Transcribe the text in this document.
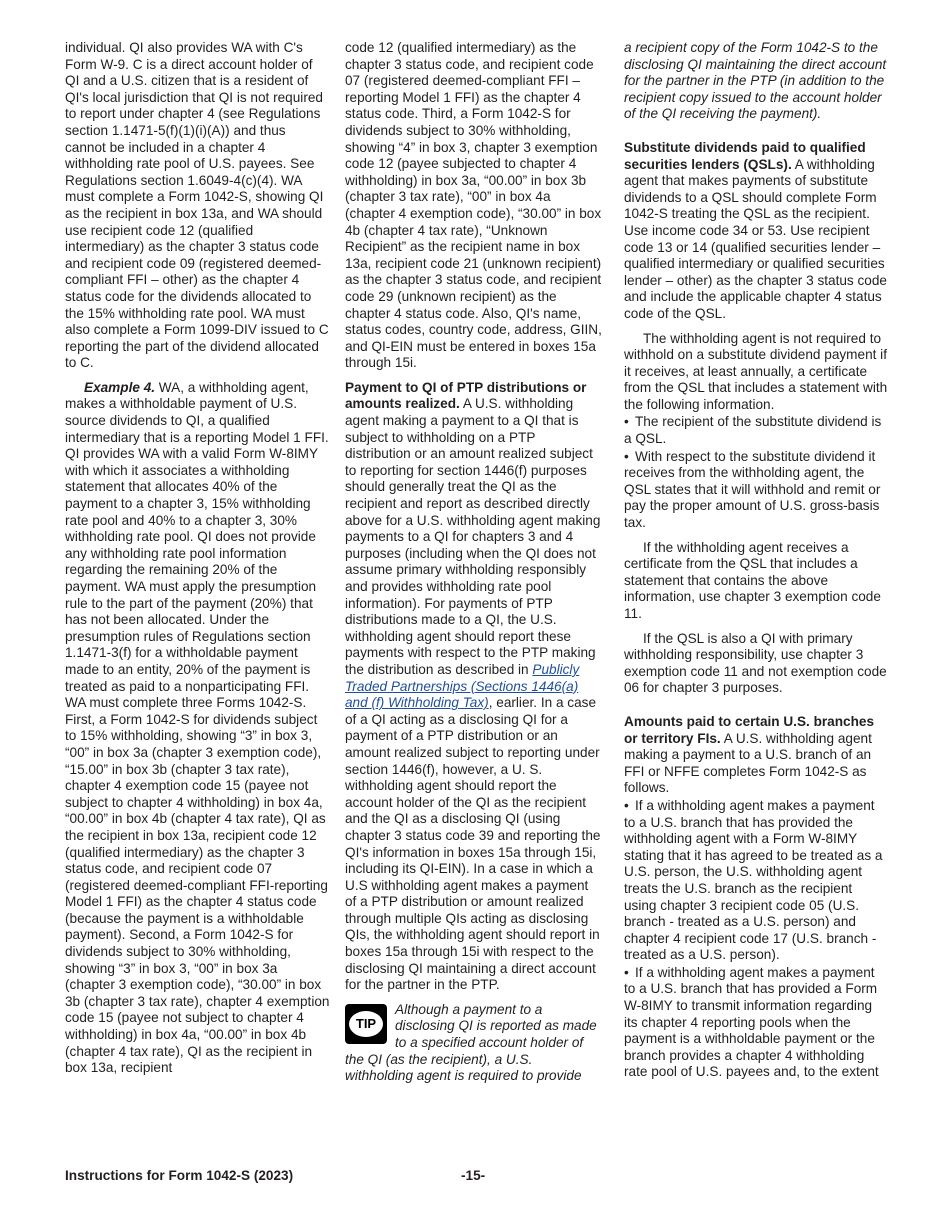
individual. QI also provides WA with C's Form W-9. C is a direct account holder of QI and a U.S. citizen that is a resident of QI's local jurisdiction that QI is not required to report under chapter 4 (see Regulations section 1.1471-5(f)(1)(i)(A)) and thus cannot be included in a chapter 4 withholding rate pool of U.S. payees. See Regulations section 1.6049-4(c)(4). WA must complete a Form 1042-S, showing QI as the recipient in box 13a, and WA should use recipient code 12 (qualified intermediary) as the chapter 3 status code and recipient code 09 (registered deemed-compliant FFI – other) as the chapter 4 status code for the dividends allocated to the 15% withholding rate pool. WA must also complete a Form 1099-DIV issued to C reporting the part of the dividend allocated to C.

Example 4. WA, a withholding agent, makes a withholdable payment of U.S. source dividends to QI, a qualified intermediary that is a reporting Model 1 FFI. QI provides WA with a valid Form W-8IMY with which it associates a withholding statement that allocates 40% of the payment to a chapter 3, 15% withholding rate pool and 40% to a chapter 3, 30% withholding rate pool. QI does not provide any withholding rate pool information regarding the remaining 20% of the payment. WA must apply the presumption rule to the part of the payment (20%) that has not been allocated. Under the presumption rules of Regulations section 1.1471-3(f) for a withholdable payment made to an entity, 20% of the payment is treated as paid to a nonparticipating FFI. WA must complete three Forms 1042-S. First, a Form 1042-S for dividends subject to 15% withholding, showing “3” in box 3, “00” in box 3a (chapter 3 exemption code), “15.00” in box 3b (chapter 3 tax rate), chapter 4 exemption code 15 (payee not subject to chapter 4 withholding) in box 4a, “00.00” in box 4b (chapter 4 tax rate), QI as the recipient in box 13a, recipient code 12 (qualified intermediary) as the chapter 3 status code, and recipient code 07 (registered deemed-compliant FFI-reporting Model 1 FFI) as the chapter 4 status code (because the payment is a withholdable payment). Second, a Form 1042-S for dividends subject to 30% withholding, showing “3” in box 3, “00” in box 3a (chapter 3 exemption code), “30.00” in box 3b (chapter 3 tax rate), chapter 4 exemption code 15 (payee not subject to chapter 4 withholding) in box 4a, “00.00” in box 4b (chapter 4 tax rate), QI as the recipient in box 13a, recipient

code 12 (qualified intermediary) as the chapter 3 status code, and recipient code 07 (registered deemed-compliant FFI – reporting Model 1 FFI) as the chapter 4 status code. Third, a Form 1042-S for dividends subject to 30% withholding, showing “4” in box 3, chapter 3 exemption code 12 (payee subjected to chapter 4 withholding) in box 3a, “00.00” in box 3b (chapter 3 tax rate), “00” in box 4a (chapter 4 exemption code), “30.00” in box 4b (chapter 4 tax rate), “Unknown Recipient” as the recipient name in box 13a, recipient code 21 (unknown recipient) as the chapter 3 status code, and recipient code 29 (unknown recipient) as the chapter 4 status code. Also, QI's name, status codes, country code, address, GIIN, and QI-EIN must be entered in boxes 15a through 15i.

Payment to QI of PTP distributions or amounts realized. A U.S. withholding agent making a payment to a QI that is subject to withholding on a PTP distribution or an amount realized subject to reporting for section 1446(f) purposes should generally treat the QI as the recipient and report as described directly above for a U.S. withholding agent making payments to a QI for chapters 3 and 4 purposes (including when the QI does not assume primary withholding responsibly and provides withholding rate pool information). For payments of PTP distributions made to a QI, the U.S. withholding agent should report these payments with respect to the PTP making the distribution as described in Publicly Traded Partnerships (Sections 1446(a) and (f) Withholding Tax), earlier. In a case of a QI acting as a disclosing QI for a payment of a PTP distribution or an amount realized subject to reporting under section 1446(f), however, a U. S. withholding agent should report the account holder of the QI as the recipient and the QI as a disclosing QI (using chapter 3 status code 39 and reporting the QI's information in boxes 15a through 15i, including its QI-EIN). In a case in which a U.S withholding agent makes a payment of a PTP distribution or amount realized through multiple QIs acting as disclosing QIs, the withholding agent should report in boxes 15a through 15i with respect to the disclosing QI maintaining a direct account for the partner in the PTP.

TIP

Although a payment to a disclosing QI is reported as made to a specified account holder of the QI (as the recipient), a U.S. withholding agent is required to provide

a recipient copy of the Form 1042-S to the disclosing QI maintaining the direct account for the partner in the PTP (in addition to the recipient copy issued to the account holder of the QI receiving the payment).

Substitute dividends paid to qualified securities lenders (QSLs). A withholding agent that makes payments of substitute dividends to a QSL should complete Form 1042-S treating the QSL as the recipient. Use income code 34 or 53. Use recipient code 13 or 14 (qualified securities lender – qualified intermediary or qualified securities lender – other) as the chapter 3 status code and include the applicable chapter 4 status code of the QSL.

The withholding agent is not required to withhold on a substitute dividend payment if it receives, at least annually, a certificate from the QSL that includes a statement with the following information.

• The recipient of the substitute dividend is a QSL.

• With respect to the substitute dividend it receives from the withholding agent, the QSL states that it will withhold and remit or pay the proper amount of U.S. gross-basis tax.

If the withholding agent receives a certificate from the QSL that includes a statement that contains the above information, use chapter 3 exemption code 11.

If the QSL is also a QI with primary withholding responsibility, use chapter 3 exemption code 11 and not exemption code 06 for chapter 3 purposes.

Amounts paid to certain U.S. branches or territory FIs. A U.S. withholding agent making a payment to a U.S. branch of an FFI or NFFE completes Form 1042-S as follows.

• If a withholding agent makes a payment to a U.S. branch that has provided the withholding agent with a Form W-8IMY stating that it has agreed to be treated as a U.S. person, the U.S. withholding agent treats the U.S. branch as the recipient using chapter 3 recipient code 05 (U.S. branch - treated as a U.S. person) and chapter 4 recipient code 17 (U.S. branch - treated as a U.S. person).

• If a withholding agent makes a payment to a U.S. branch that has provided a Form W-8IMY to transmit information regarding its chapter 4 reporting pools when the payment is a withholdable payment or the branch provides a chapter 4 withholding rate pool of U.S. payees and, to the extent

Instructions for Form 1042-S (2023)	-15-
